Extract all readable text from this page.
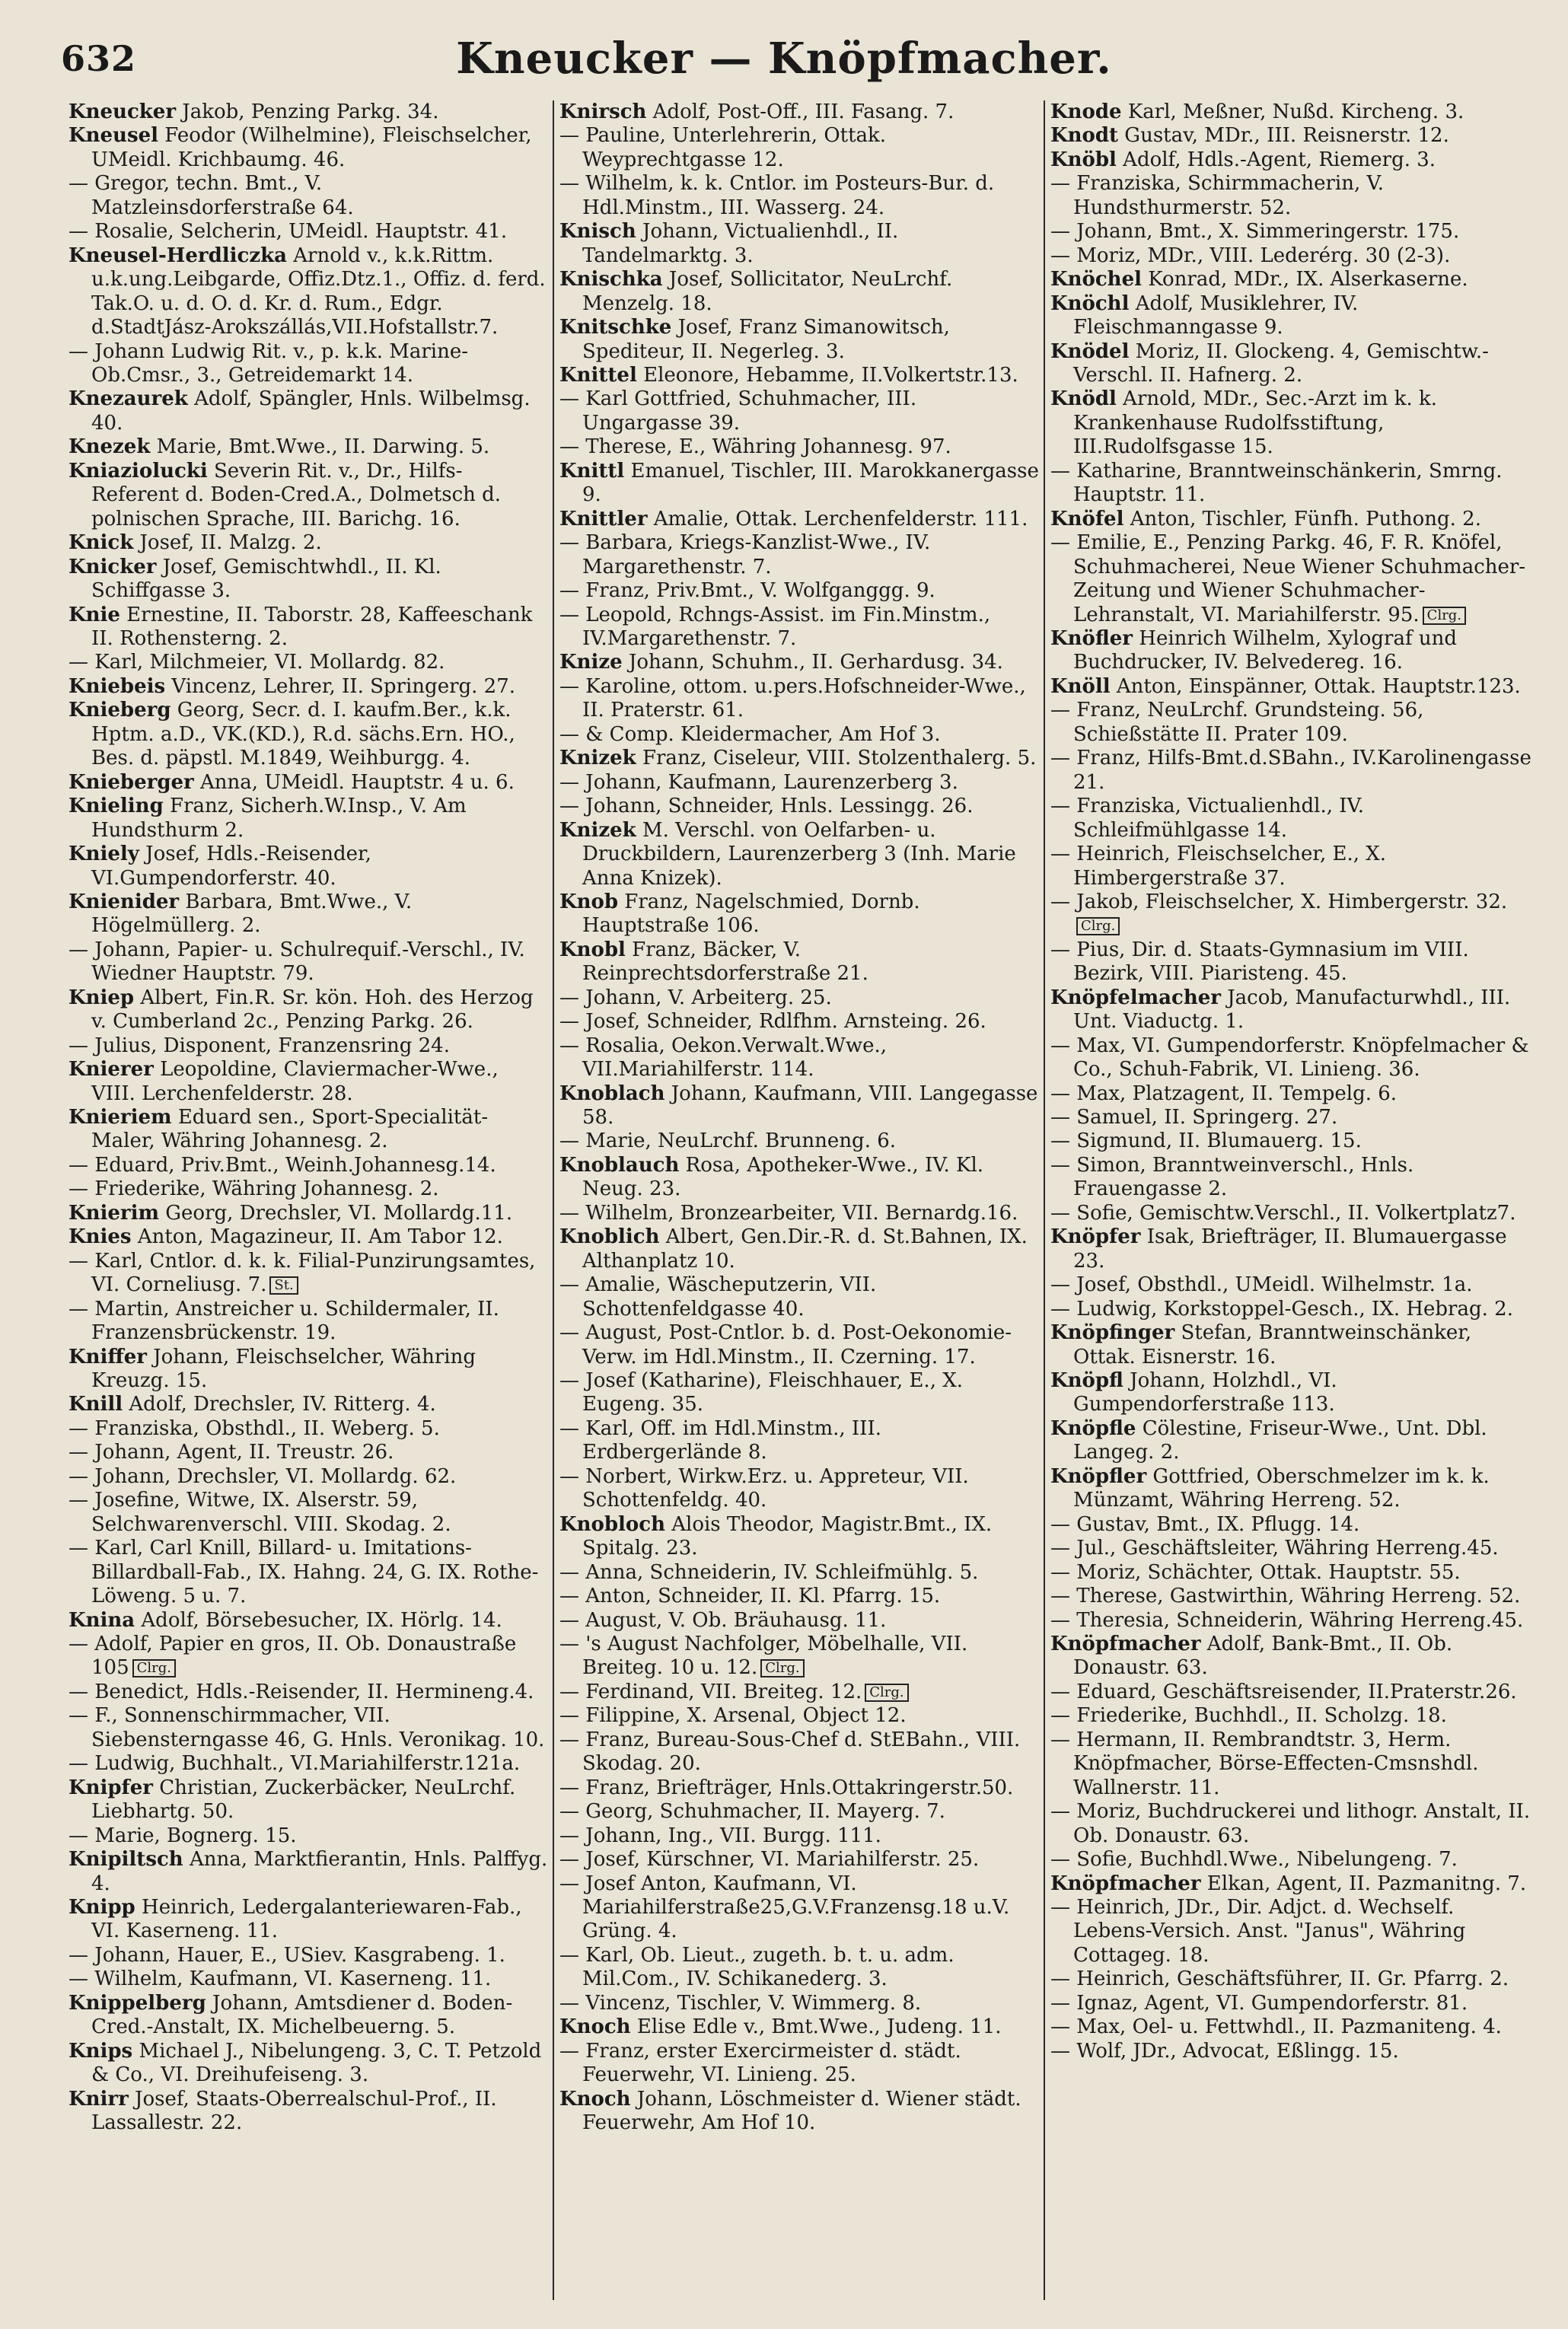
632	Kneucker — Knöpfmacher.

Kneucker Jakob, Penzing Parkg. 34.

Kneusel Feodor (Wilhelmine), Fleischselcher, UMeidl. Krichbaumg. 46.

— Gregor, techn. Bmt., V. Matzleinsdorferstraße 64.

— Rosalie, Selcherin, UMeidl. Hauptstr. 41.

Kneusel-Herdliczka Arnold v., k.k.Rittm. u.k.ung.Leibgarde, Offiz.Dtz.1., Offiz. d. ferd. Tak.O. u. d. O. d. Kr. d. Rum., Edgr. d.StadtJász-Arokszállás,VII.Hofstallstr.7.

— Johann Ludwig Rit. v., p. k.k. Marine-Ob.Cmsr., 3., Getreidemarkt 14.

Knezaurek Adolf, Spängler, Hnls. Wilbelmsg. 40.

Knezek Marie, Bmt.Wwe., II. Darwing. 5.

Kniaziolucki Severin Rit. v., Dr., Hilfs-Referent d. Boden-Cred.A., Dolmetsch d. polnischen Sprache, III. Barichg. 16.

Knick Josef, II. Malzg. 2.

Knicker Josef, Gemischtwhdl., II. Kl. Schiffgasse 3.

Knie Ernestine, II. Taborstr. 28, Kaffeeschank II. Rothensterng. 2.

— Karl, Milchmeier, VI. Mollardg. 82.

Kniebeis Vincenz, Lehrer, II. Springerg. 27.

Knieberg Georg, Secr. d. I. kaufm.Ber., k.k. Hptm. a.D., VK.(KD.), R.d. sächs.Ern. HO., Bes. d. päpstl. M.1849, Weihburgg. 4.

Knieberger Anna, UMeidl. Hauptstr. 4 u. 6.

Knieling Franz, Sicherh.W.Insp., V. Am Hundsthurm 2.

Kniely Josef, Hdls.-Reisender, VI.Gumpendorferstr. 40.

Knienider Barbara, Bmt.Wwe., V. Högelmüllerg. 2.

— Johann, Papier- u. Schulrequif.-Verschl., IV. Wiedner Hauptstr. 79.

Kniep Albert, Fin.R. Sr. kön. Hoh. des Herzog v. Cumberland 2c., Penzing Parkg. 26.

— Julius, Disponent, Franzensring 24.

Knierer Leopoldine, Claviermacher-Wwe., VIII. Lerchenfelderstr. 28.

Knieriem Eduard sen., Sport-Specialität-Maler, Währing Johannesg. 2.

— Eduard, Priv.Bmt., Weinh.Johannesg.14.

— Friederike, Währing Johannesg. 2.

Knierim Georg, Drechsler, VI. Mollardg.11.

Knies Anton, Magazineur, II. Am Tabor 12.

— Karl, Cntlor. d. k. k. Filial-Punzirungsamtes, VI. Corneliusg. 7. St.

— Martin, Anstreicher u. Schildermaler, II. Franzensbrückenstr. 19.

Kniffer Johann, Fleischselcher, Währing Kreuzg. 15.

Knill Adolf, Drechsler, IV. Ritterg. 4.

— Franziska, Obsthdl., II. Weberg. 5.

— Johann, Agent, II. Treustr. 26.

— Johann, Drechsler, VI. Mollardg. 62.

— Josefine, Witwe, IX. Alserstr. 59, Selchwarenverschl. VIII. Skodag. 2.

— Karl, Carl Knill, Billard- u. Imitations-Billardball-Fab., IX. Hahng. 24, G. IX. Rothe-Löweng. 5 u. 7.

Knina Adolf, Börsebesucher, IX. Hörlg. 14.

— Adolf, Papier en gros, II. Ob. Donaustraße 105 Clrg.

— Benedict, Hdls.-Reisender, II. Hermineng.4.

— F., Sonnenschirmmacher, VII. Siebensterngasse 46, G. Hnls. Veronikag. 10.

— Ludwig, Buchhalt., VI.Mariahilferstr.121a.

Knipfer Christian, Zuckerbäcker, NeuLrchf. Liebhartg. 50.

— Marie, Bognerg. 15.

Knipiltsch Anna, Marktfierantin, Hnls. Palffyg. 4.

Knipp Heinrich, Ledergalanteriewaren-Fab., VI. Kaserneng. 11.

— Johann, Hauer, E., USiev. Kasgrabeng. 1.

— Wilhelm, Kaufmann, VI. Kaserneng. 11.

Knippelberg Johann, Amtsdiener d. Boden-Cred.-Anstalt, IX. Michelbeuerng. 5.

Knips Michael J., Nibelungeng. 3, C. T. Petzold & Co., VI. Dreihufeiseng. 3.

Knirr Josef, Staats-Oberrealschul-Prof., II. Lassallestr. 22.

Knirsch Adolf, Post-Off., III. Fasang. 7.

— Pauline, Unterlehrerin, Ottak. Weyprechtgasse 12.

— Wilhelm, k. k. Cntlor. im Posteurs-Bur. d. Hdl.Minstm., III. Wasserg. 24.

Knisch Johann, Victualienhdl., II. Tandelmarktg. 3.

Knischka Josef, Sollicitator, NeuLrchf. Menzelg. 18.

Knitschke Josef, Franz Simanowitsch, Spediteur, II. Negerleg. 3.

Knittel Eleonore, Hebamme, II.Volkertstr.13.

— Karl Gottfried, Schuhmacher, III. Ungargasse 39.

— Therese, E., Währing Johannesg. 97.

Knittl Emanuel, Tischler, III. Marokkanergasse 9.

Knittler Amalie, Ottak. Lerchenfelderstr. 111.

— Barbara, Kriegs-Kanzlist-Wwe., IV. Margarethenstr. 7.

— Franz, Priv.Bmt., V. Wolfganggg. 9.

— Leopold, Rchngs-Assist. im Fin.Minstm., IV.Margarethenstr. 7.

Knize Johann, Schuhm., II. Gerhardusg. 34.

— Karoline, ottom. u.pers.Hofschneider-Wwe., II. Praterstr. 61.

— & Comp. Kleidermacher, Am Hof 3.

Knizek Franz, Ciseleur, VIII. Stolzenthalerg. 5.

— Johann, Kaufmann, Laurenzerberg 3.

— Johann, Schneider, Hnls. Lessingg. 26.

Knizek M. Verschl. von Oelfarben- u. Druckbildern, Laurenzerberg 3 (Inh. Marie Anna Knizek).

Knob Franz, Nagelschmied, Dornb. Hauptstraße 106.

Knobl Franz, Bäcker, V. Reinprechtsdorferstraße 21.

— Johann, V. Arbeiterg. 25.

— Josef, Schneider, Rdlfhm. Arnsteing. 26.

— Rosalia, Oekon.Verwalt.Wwe., VII.Mariahilferstr. 114.

Knoblach Johann, Kaufmann, VIII. Langegasse 58.

— Marie, NeuLrchf. Brunneng. 6.

Knoblauch Rosa, Apotheker-Wwe., IV. Kl. Neug. 23.

— Wilhelm, Bronzearbeiter, VII. Bernardg.16.

Knoblich Albert, Gen.Dir.-R. d. St.Bahnen, IX. Althanplatz 10.

— Amalie, Wäscheputzerin, VII. Schottenfeldgasse 40.

— August, Post-Cntlor. b. d. Post-Oekonomie-Verw. im Hdl.Minstm., II. Czerning. 17.

— Josef (Katharine), Fleischhauer, E., X. Eugeng. 35.

— Karl, Off. im Hdl.Minstm., III. Erdbergerlände 8.

— Norbert, Wirkw.Erz. u. Appreteur, VII. Schottenfeldg. 40.

Knobloch Alois Theodor, Magistr.Bmt., IX. Spitalg. 23.

— Anna, Schneiderin, IV. Schleifmühlg. 5.

— Anton, Schneider, II. Kl. Pfarrg. 15.

— August, V. Ob. Bräuhausg. 11.

— 's August Nachfolger, Möbelhalle, VII. Breiteg. 10 u. 12. Clrg.

— Ferdinand, VII. Breiteg. 12. Clrg.

— Filippine, X. Arsenal, Object 12.

— Franz, Bureau-Sous-Chef d. StEBahn., VIII. Skodag. 20.

— Franz, Briefträger, Hnls.Ottakringerstr.50.

— Georg, Schuhmacher, II. Mayerg. 7.

— Johann, Ing., VII. Burgg. 111.

— Josef, Kürschner, VI. Mariahilferstr. 25.

— Josef Anton, Kaufmann, VI. Mariahilferstraße25,G.V.Franzensg.18 u.V. Grüng. 4.

— Karl, Ob. Lieut., zugeth. b. t. u. adm. Mil.Com., IV. Schikanederg. 3.

— Vincenz, Tischler, V. Wimmerg. 8.

Knoch Elise Edle v., Bmt.Wwe., Judeng. 11.

— Franz, erster Exercirmeister d. städt. Feuerwehr, VI. Linieng. 25.

Knoch Johann, Löschmeister d. Wiener städt. Feuerwehr, Am Hof 10.

Knode Karl, Meßner, Nußd. Kircheng. 3.

Knodt Gustav, MDr., III. Reisnerstr. 12.

Knöbl Adolf, Hdls.-Agent, Riemerg. 3.

— Franziska, Schirmmacherin, V. Hundsthurmerstr. 52.

— Johann, Bmt., X. Simmeringerstr. 175.

— Moriz, MDr., VIII. Lederérg. 30 (2-3).

Knöchel Konrad, MDr., IX. Alserkaserne.

Knöchl Adolf, Musiklehrer, IV. Fleischmanngasse 9.

Knödel Moriz, II. Glockeng. 4, Gemischtw.-Verschl. II. Hafnerg. 2.

Knödl Arnold, MDr., Sec.-Arzt im k. k. Krankenhause Rudolfsstiftung, III.Rudolfsgasse 15.

— Katharine, Branntweinschänkerin, Smrng. Hauptstr. 11.

Knöfel Anton, Tischler, Fünfh. Puthong. 2.

— Emilie, E., Penzing Parkg. 46, F. R. Knöfel, Schuhmacherei, Neue Wiener Schuhmacher-Zeitung und Wiener Schuhmacher-Lehranstalt, VI. Mariahilferstr. 95. Clrg.

Knöfler Heinrich Wilhelm, Xylograf und Buchdrucker, IV. Belvedereg. 16.

Knöll Anton, Einspänner, Ottak. Hauptstr.123.

— Franz, NeuLrchf. Grundsteing. 56, Schießstätte II. Prater 109.

— Franz, Hilfs-Bmt.d.SBahn., IV.Karolinengasse 21.

— Franziska, Victualienhdl., IV. Schleifmühlgasse 14.

— Heinrich, Fleischselcher, E., X. Himbergerstraße 37.

— Jakob, Fleischselcher, X. Himbergerstr. 32.Clrg.

— Pius, Dir. d. Staats-Gymnasium im VIII. Bezirk, VIII. Piaristeng. 45.

Knöpfelmacher Jacob, Manufacturwhdl., III. Unt. Viaductg. 1.

— Max, VI. Gumpendorferstr. Knöpfelmacher & Co., Schuh-Fabrik, VI. Linieng. 36.

— Max, Platzagent, II. Tempelg. 6.

— Samuel, II. Springerg. 27.

— Sigmund, II. Blumauerg. 15.

— Simon, Branntweinverschl., Hnls. Frauengasse 2.

— Sofie, Gemischtw.Verschl., II. Volkertplatz7.

Knöpfer Isak, Briefträger, II. Blumauergasse 23.

— Josef, Obsthdl., UMeidl. Wilhelmstr. 1a.

— Ludwig, Korkstoppel-Gesch., IX. Hebrag. 2.

Knöpfinger Stefan, Branntweinschänker, Ottak. Eisnerstr. 16.

Knöpfl Johann, Holzhdl., VI. Gumpendorferstraße 113.

Knöpfle Cölestine, Friseur-Wwe., Unt. Dbl. Langeg. 2.

Knöpfler Gottfried, Oberschmelzer im k. k. Münzamt, Währing Herreng. 52.

— Gustav, Bmt., IX. Pflugg. 14.

— Jul., Geschäftsleiter, Währing Herreng.45.

— Moriz, Schächter, Ottak. Hauptstr. 55.

— Therese, Gastwirthin, Währing Herreng. 52.

— Theresia, Schneiderin, Währing Herreng.45.

Knöpfmacher Adolf, Bank-Bmt., II. Ob. Donaustr. 63.

— Eduard, Geschäftsreisender, II.Praterstr.26.

— Friederike, Buchhdl., II. Scholzg. 18.

— Hermann, II. Rembrandtstr. 3, Herm. Knöpfmacher, Börse-Effecten-Cmsnshdl. Wallnerstr. 11.

— Moriz, Buchdruckerei und lithogr. Anstalt, II. Ob. Donaustr. 63.

— Sofie, Buchhdl.Wwe., Nibelungeng. 7.

Knöpfmacher Elkan, Agent, II. Pazmanitng. 7.

— Heinrich, JDr., Dir. Adjct. d. Wechself. Lebens-Versich. Anst. "Janus", Währing Cottageg. 18.

— Heinrich, Geschäftsführer, II. Gr. Pfarrg. 2.

— Ignaz, Agent, VI. Gumpendorferstr. 81.

— Max, Oel- u. Fettwhdl., II. Pazmaniteng. 4.

— Wolf, JDr., Advocat, Eßlingg. 15.
